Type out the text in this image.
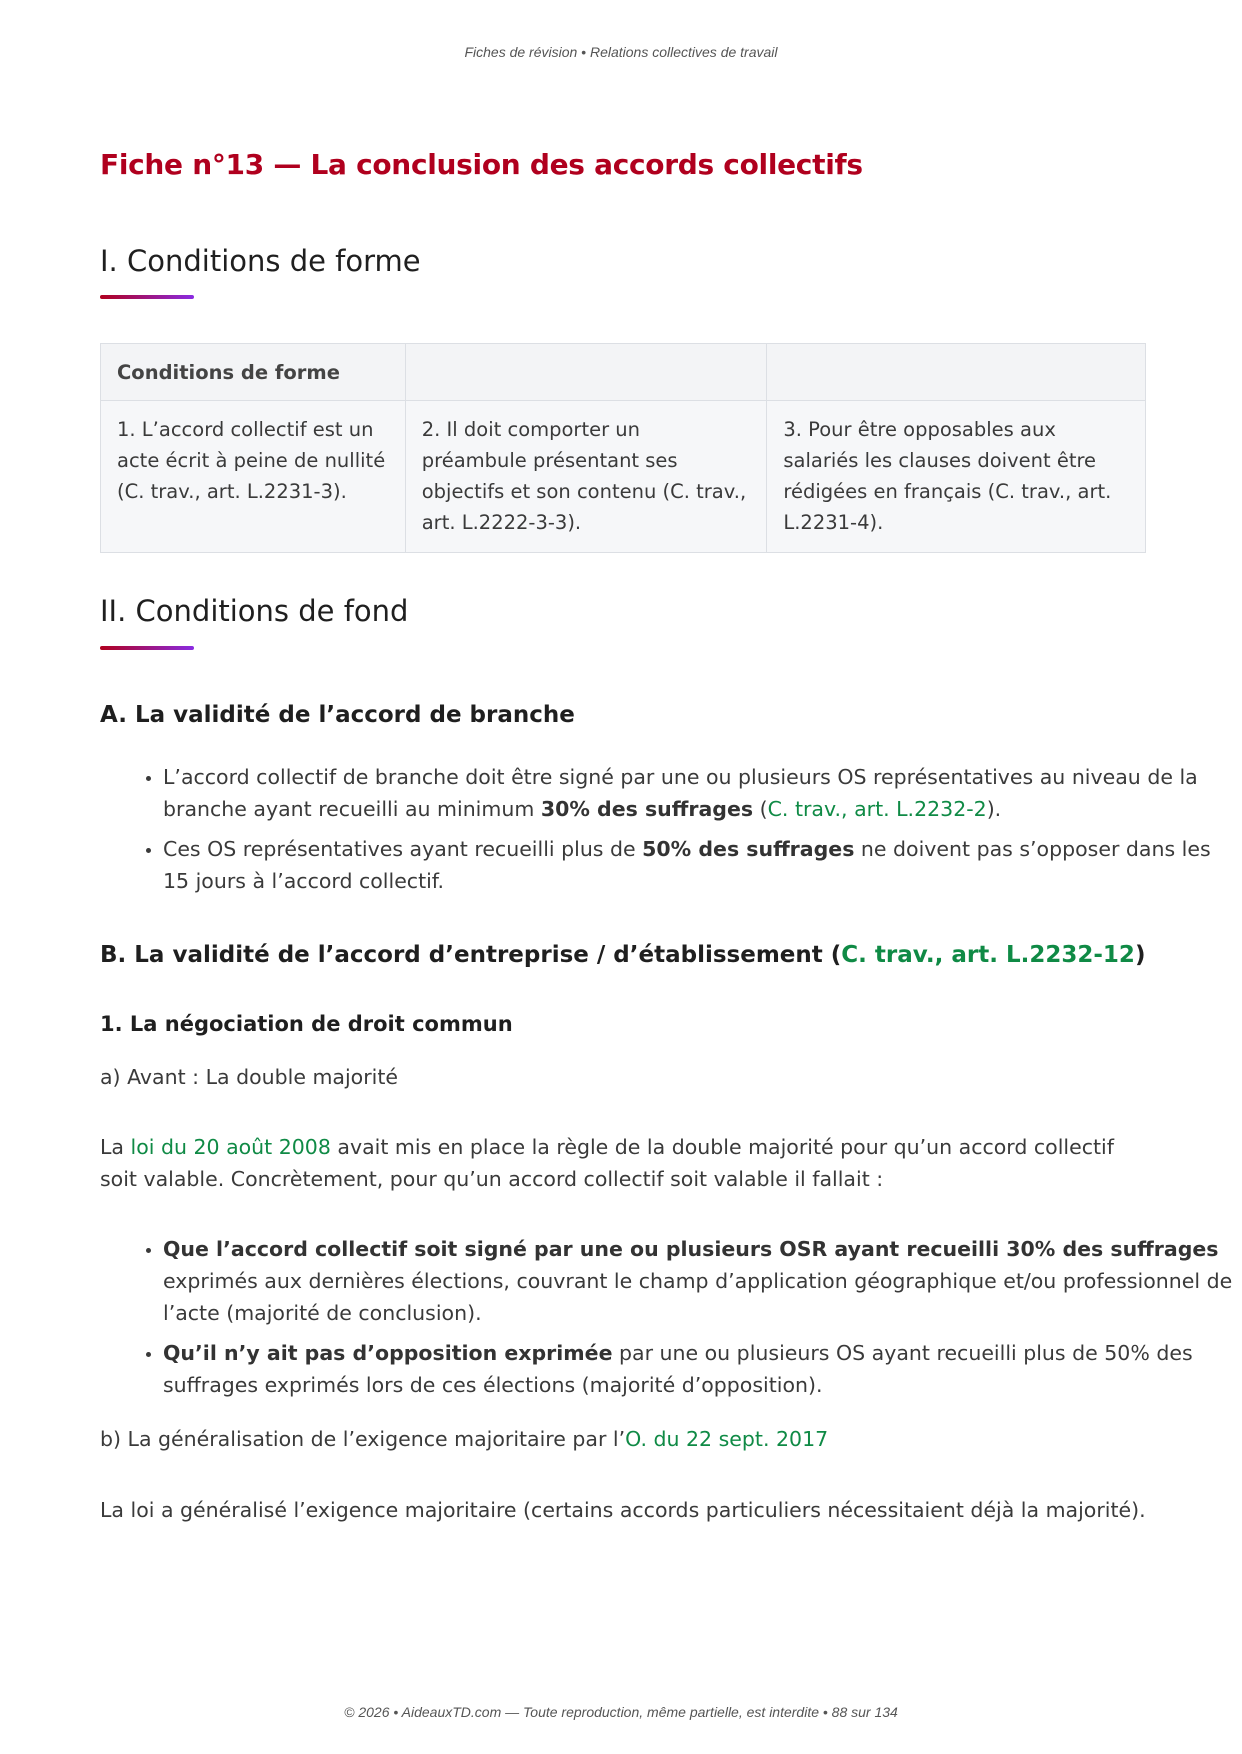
Fiches de révision • Relations collectives de travail
Fiche n°13 — La conclusion des accords collectifs
I. Conditions de forme
Conditions de forme		
1. L’accord collectif est un acte écrit à peine de nullité (C. trav., art. L.2231-3).	2. Il doit comporter un préambule présentant ses objectifs et son contenu (C. trav., art. L.2222-3-3).	3. Pour être opposables aux salariés les clauses doivent être rédigées en français (C. trav., art. L.2231-4).
II. Conditions de fond
A. La validité de l’accord de branche
• L’accord collectif de branche doit être signé par une ou plusieurs OS représentatives au niveau de la branche ayant recueilli au minimum 30% des suffrages (C. trav., art. L.2232-2).
• Ces OS représentatives ayant recueilli plus de 50% des suffrages ne doivent pas s’opposer dans les 15 jours à l’accord collectif.
B. La validité de l’accord d’entreprise / d’établissement (C. trav., art. L.2232-12)
1. La négociation de droit commun

a) Avant : La double majorité

La loi du 20 août 2008 avait mis en place la règle de la double majorité pour qu’un accord collectif soit valable. Concrètement, pour qu’un accord collectif soit valable il fallait :

• Que l’accord collectif soit signé par une ou plusieurs OSR ayant recueilli 30% des suffrages exprimés aux dernières élections, couvrant le champ d’application géographique et/ou professionnel de l’acte (majorité de conclusion).
• Qu’il n’y ait pas d’opposition exprimée par une ou plusieurs OS ayant recueilli plus de 50% des suffrages exprimés lors de ces élections (majorité d’opposition).

b) La généralisation de l’exigence majoritaire par l’O. du 22 sept. 2017

La loi a généralisé l’exigence majoritaire (certains accords particuliers nécessitaient déjà la majorité).

© 2026 • AideauxTD.com — Toute reproduction, même partielle, est interdite • 88 sur 134
